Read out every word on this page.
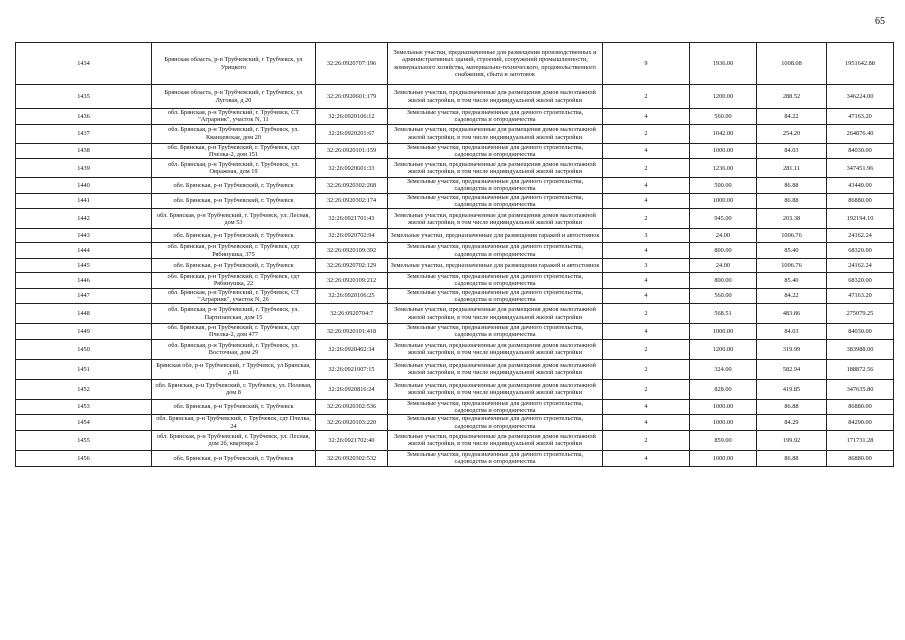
65
1434	Брянская область, р-н Трубчевский, г Трубчевск, ул Урицкого	32:26:0920707:196	Земельные участки, предназначенные для размещения производственных и административных зданий, строений, сооружений промышленности, коммунального хозяйства, материально-технического, продовольственного снабжения, сбыта и заготовок	9	1936.00	1008.08	1951642.88
1435	Брянская область, р-н Трубчевский, г Трубчевск, ул Луговая, д 20	32:26:0920601:179	Земельные участки, предназначенные для размещения домов малоэтажной жилой застройки, в том числе индивидуальной жилой застройки	2	1200.00	288.52	346224.00
1436	обл. Брянская, р-н Трубчевский, г. Трубчевск, СТ "Аграрник", участок N, 11	32:26:0920106:12	Земельные участки, предназначенные для дачного строительства, садоводства и огородничества	4	560.00	84.22	47163.20
1437	обл. Брянская, р-н Трубчевский, г. Трубчевск, ул. Кванцевская, дом 20	32:26:0920201:67	Земельные участки, предназначенные для размещения домов малоэтажной жилой застройки, в том числе индивидуальной жилой застройки	2	1042.00	254.20	264876.40
1438	обл. Брянская, р-н Трубчевский, г. Трубчевск, сдт Пчелка-2, дом 151	32:26:0920101:159	Земельные участки, предназначенные для дачного строительства, садоводства и огородничества	4	1000.00	84.03	84030.00
1439	обл. Брянская, р-н Трубчевский, г. Трубчевск, ул. Овражная, дом 19	32:26:0920601:33	Земельные участки, предназначенные для размещения домов малоэтажной жилой застройки, в том числе индивидуальной жилой застройки	2	1236.00	281.11	347451.96
1440	обл. Брянская, р-н Трубчевский, г. Трубчевск	32:26:0920302:268	Земельные участки, предназначенные для дачного строительства, садоводства и огородничества	4	500.00	86.88	43440.00
1441	обл. Брянская, р-н Трубчевский, г. Трубчевск	32:26:0920302:174	Земельные участки, предназначенные для дачного строительства, садоводства и огородничества	4	1000.00	86.88	86880.00
1442	обл. Брянская, р-н Трубчевский, г. Трубчевск, ул. Лесная, дом 53	32:26:0921701:43	Земельные участки, предназначенные для размещения домов малоэтажной жилой застройки, в том числе индивидуальной жилой застройки	2	945.00	203.38	192194.10
1443	обл. Брянская, р-н Трубчевский, г. Трубчевск	32:26:0920702:94	Земельные участки, предназначенные для размещения гаражей и автостоянок	3	24.00	1006.76	24162.24
1444	обл. Брянская, р-н Трубчевский, г. Трубчевск, сдт Рябинушка, 375	32:26:0920109:392	Земельные участки, предназначенные для дачного строительства, садоводства и огородничества	4	800.00	85.40	68320.00
1445	обл. Брянская, р-н Трубчевский, г. Трубчевск	32:26:0920702:129	Земельные участки, предназначенные для размещения гаражей и автостоянок	3	24.00	1006.76	24162.24
1446	обл. Брянская, р-н Трубчевский, г. Трубчевск, сдт Рябинушка, 22	32:26:0920109:212	Земельные участки, предназначенные для дачного строительства, садоводства и огородничества	4	800.00	85.40	68320.00
1447	обл. Брянская, р-н Трубчевский, г. Трубчевск, СТ "Аграрник", участок N, 26	32:26:0920106:25	Земельные участки, предназначенные для дачного строительства, садоводства и огородничества	4	560.00	84.22	47163.20
1448	обл. Брянская, р-н Трубчевский, г. Трубчевск, ул. Партизанская, дом 15	32:26:0920704:7	Земельные участки, предназначенные для размещения домов малоэтажной жилой застройки, в том числе индивидуальной жилой застройки	2	568.51	483.86	275079.25
1449	обл. Брянская, р-н Трубчевский, г. Трубчевск, сдт Пчелка-2, дом 477	32:26:0920101:418	Земельные участки, предназначенные для дачного строительства, садоводства и огородничества	4	1000.00	84.03	84030.00
1450	обл. Брянская, р-н Трубчевский, г. Трубчевск, ул. Восточная, дом 29	32:26:0920402:34	Земельные участки, предназначенные для размещения домов малоэтажной жилой застройки, в том числе индивидуальной жилой застройки	2	1200.00	319.99	383988.00
1451	Брянская обл, р-н Трубчевский, г Трубчевск, ул Брянская, д 81	32:26:0921007:15	Земельные участки, предназначенные для размещения домов малоэтажной жилой застройки, в том числе индивидуальной жилой застройки	2	324.00	582.94	188872.56
1452	обл. Брянская, р-н Трубчевский, г. Трубчевск, ул. Полевая, дом 8	32:26:0920816:24	Земельные участки, предназначенные для размещения домов малоэтажной жилой застройки, в том числе индивидуальной жилой застройки	2	828.00	419.85	347635.80
1453	обл. Брянская, р-н Трубчевский, г. Трубчевск	32:26:0920302:536	Земельные участки, предназначенные для дачного строительства, садоводства и огородничества	4	1000.00	86.88	86880.00
1454	обл. Брянская, р-н Трубчевский, г. Трубчевск, сдт Пчелка, 24	32:26:0920103:220	Земельные участки, предназначенные для дачного строительства, садоводства и огородничества	4	1000.00	84.29	84290.00
1455	обл. Брянская, р-н Трубчевский, г. Трубчевск, ул. Лесная, дом 2б, квартира 2	32:26:0921702:40	Земельные участки, предназначенные для размещения домов малоэтажной жилой застройки, в том числе индивидуальной жилой застройки	2	859.00	199.92	171731.28
1456	обл. Брянская, р-н Трубчевский, г. Трубчевск	32:26:0920302:532	Земельные участки, предназначенные для дачного строительства, садоводства и огородничества	4	1000.00	86.88	86880.00
